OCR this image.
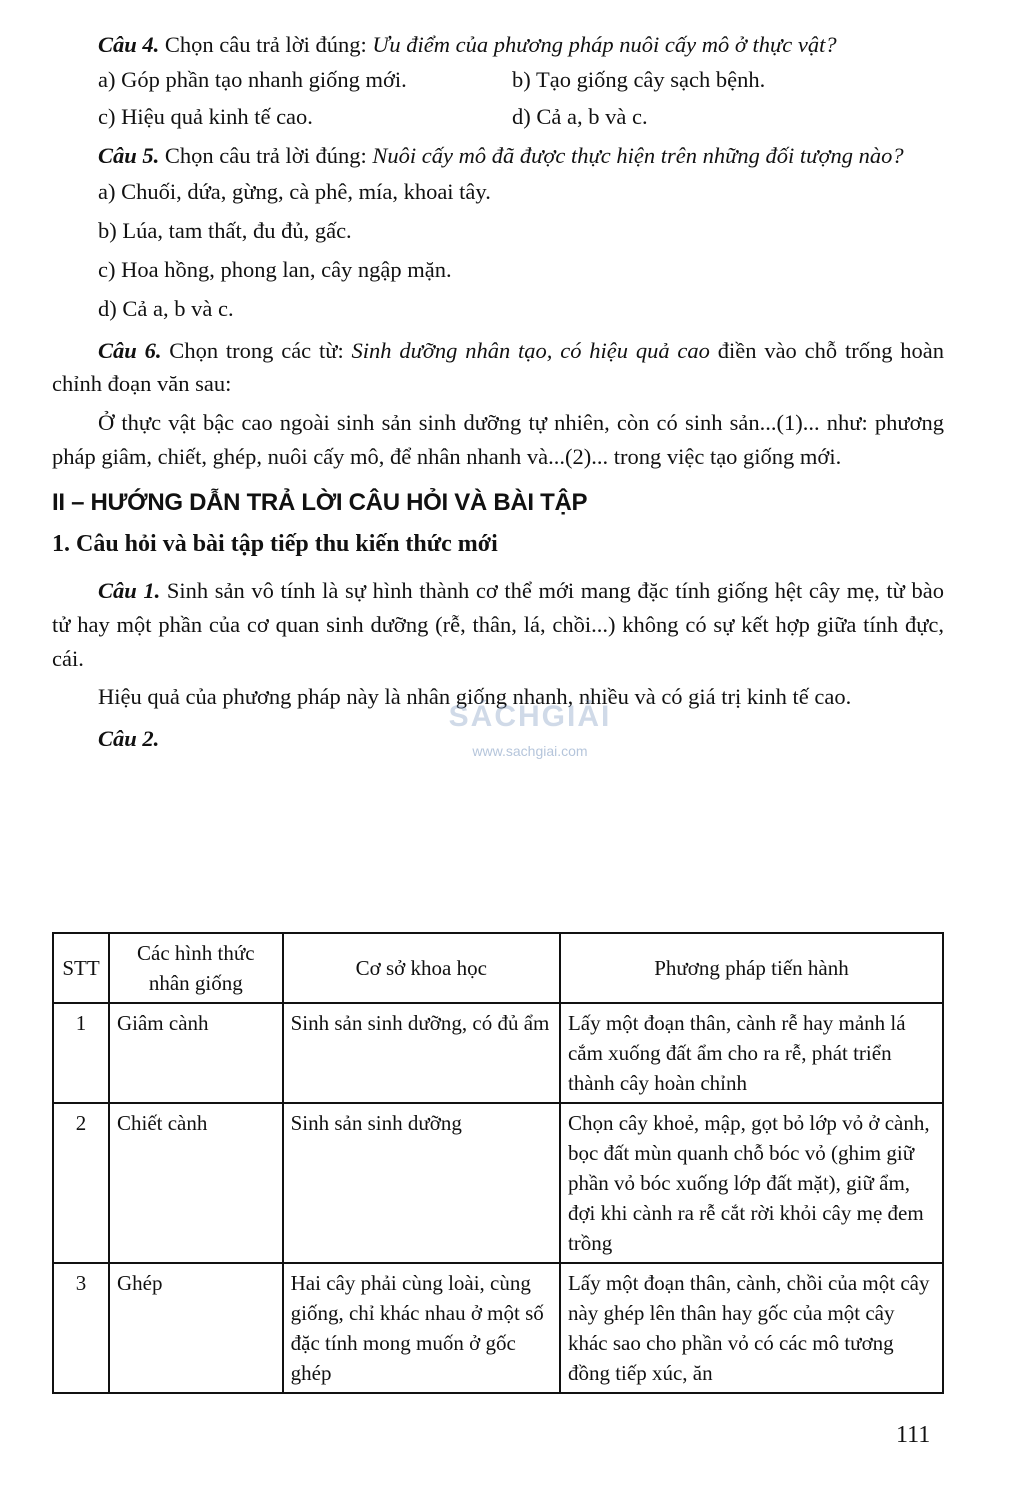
Câu 4. Chọn câu trả lời đúng: Ưu điểm của phương pháp nuôi cấy mô ở thực vật?

a) Góp phần tạo nhanh giống mới.	b) Tạo giống cây sạch bệnh.
c) Hiệu quả kinh tế cao.	d) Cả a, b và c.

Câu 5. Chọn câu trả lời đúng: Nuôi cấy mô đã được thực hiện trên những đối tượng nào?

a) Chuối, dứa, gừng, cà phê, mía, khoai tây.

b) Lúa, tam thất, đu đủ, gấc.

c) Hoa hồng, phong lan, cây ngập mặn.

d) Cả a, b và c.

Câu 6. Chọn trong các từ: Sinh dưỡng nhân tạo, có hiệu quả cao điền vào chỗ trống hoàn chỉnh đoạn văn sau:

Ở thực vật bậc cao ngoài sinh sản sinh dưỡng tự nhiên, còn có sinh sản...(1)... như: phương pháp giâm, chiết, ghép, nuôi cấy mô, để nhân nhanh và...(2)... trong việc tạo giống mới.

II – HƯỚNG DẪN TRẢ LỜI CÂU HỎI VÀ BÀI TẬP
1. Câu hỏi và bài tập tiếp thu kiến thức mới

Câu 1. Sinh sản vô tính là sự hình thành cơ thể mới mang đặc tính giống hệt cây mẹ, từ bào tử hay một phần của cơ quan sinh dưỡng (rễ, thân, lá, chồi...) không có sự kết hợp giữa tính đực, cái.

Hiệu quả của phương pháp này là nhân giống nhanh, nhiều và có giá trị kinh tế cao.

Câu 2.

STT	Các hình thức nhân giống	Cơ sở khoa học	Phương pháp tiến hành
1	Giâm cành	Sinh sản sinh dưỡng, có đủ ẩm	Lấy một đoạn thân, cành rễ hay mảnh lá cắm xuống đất ẩm cho ra rễ, phát triển thành cây hoàn chỉnh
2	Chiết cành	Sinh sản sinh dưỡng	Chọn cây khoẻ, mập, gọt bỏ lớp vỏ ở cành, bọc đất mùn quanh chỗ bóc vỏ (ghim giữ phần vỏ bóc xuống lớp đất mặt), giữ ẩm, đợi khi cành ra rễ cắt rời khỏi cây mẹ đem trồng
3	Ghép	Hai cây phải cùng loài, cùng giống, chỉ khác nhau ở một số đặc tính mong muốn ở gốc ghép	Lấy một đoạn thân, cành, chồi của một cây này ghép lên thân hay gốc của một cây khác sao cho phần vỏ có các mô tương đồng tiếp xúc, ăn
SÁCHGIẢI
www.sachgiai.com
111
